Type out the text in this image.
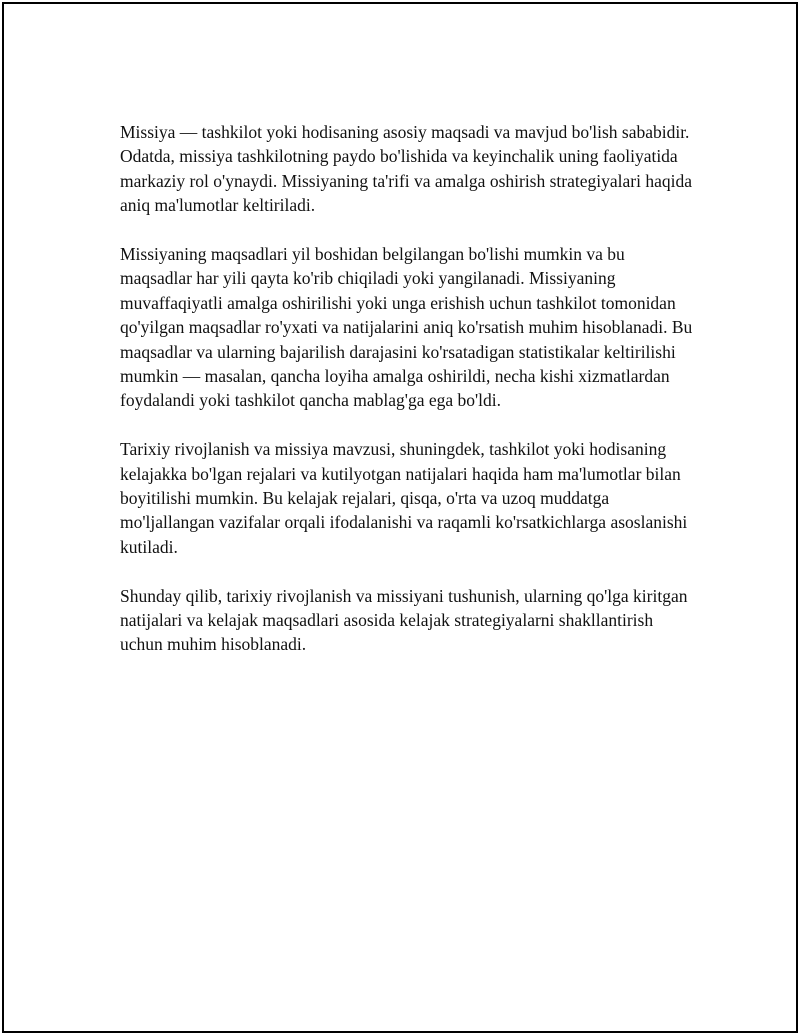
Missiya — tashkilot yoki hodisaning asosiy maqsadi va mavjud bo'lish sababidir. Odatda, missiya tashkilotning paydo bo'lishida va keyinchalik uning faoliyatida markaziy rol o'ynaydi. Missiyaning ta'rifi va amalga oshirish strategiyalari haqida aniq ma'lumotlar keltiriladi.

Missiyaning maqsadlari yil boshidan belgilangan bo'lishi mumkin va bu maqsadlar har yili qayta ko'rib chiqiladi yoki yangilanadi. Missiyaning muvaffaqiyatli amalga oshirilishi yoki unga erishish uchun tashkilot tomonidan qo'yilgan maqsadlar ro'yxati va natijalarini aniq ko'rsatish muhim hisoblanadi. Bu maqsadlar va ularning bajarilish darajasini ko'rsatadigan statistikalar keltirilishi mumkin — masalan, qancha loyiha amalga oshirildi, necha kishi xizmatlardan foydalandi yoki tashkilot qancha mablag'ga ega bo'ldi.

Tarixiy rivojlanish va missiya mavzusi, shuningdek, tashkilot yoki hodisaning kelajakka bo'lgan rejalari va kutilyotgan natijalari haqida ham ma'lumotlar bilan boyitilishi mumkin. Bu kelajak rejalari, qisqa, o'rta va uzoq muddatga mo'ljallangan vazifalar orqali ifodalanishi va raqamli ko'rsatkichlarga asoslanishi kutiladi.

Shunday qilib, tarixiy rivojlanish va missiyani tushunish, ularning qo'lga kiritgan natijalari va kelajak maqsadlari asosida kelajak strategiyalarni shakllantirish uchun muhim hisoblanadi.
